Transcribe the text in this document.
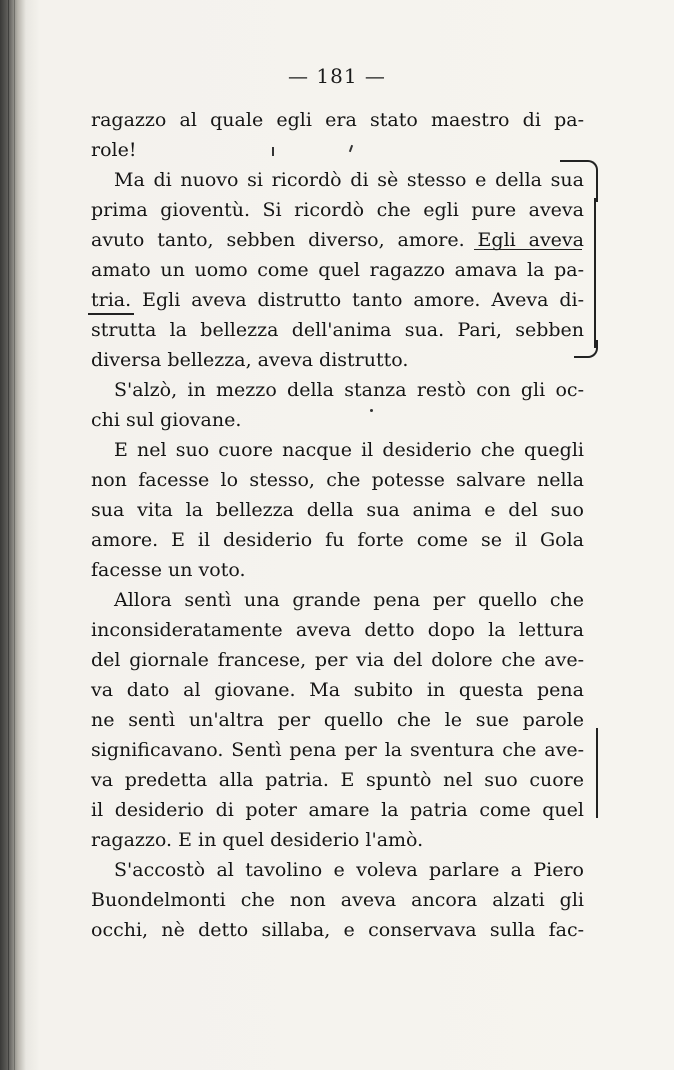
— 181 —
ragazzo al quale egli era stato maestro di pa-
role!
Ma di nuovo si ricordò di sè stesso e della sua
prima gioventù. Si ricordò che egli pure aveva
avuto tanto, sebben diverso, amore. Egli aveva
amato un uomo come quel ragazzo amava la pa-
tria. Egli aveva distrutto tanto amore. Aveva di-
strutta la bellezza dell'anima sua. Pari, sebben
diversa bellezza, aveva distrutto.
S'alzò, in mezzo della stanza restò con gli oc-
chi sul giovane.
E nel suo cuore nacque il desiderio che quegli
non facesse lo stesso, che potesse salvare nella
sua vita la bellezza della sua anima e del suo
amore. E il desiderio fu forte come se il Gola
facesse un voto.
Allora sentì una grande pena per quello che
inconsideratamente aveva detto dopo la lettura
del giornale francese, per via del dolore che ave-
va dato al giovane. Ma subito in questa pena
ne sentì un'altra per quello che le sue parole
significavano. Sentì pena per la sventura che ave-
va predetta alla patria. E spuntò nel suo cuore
il desiderio di poter amare la patria come quel
ragazzo. E in quel desiderio l'amò.
S'accostò al tavolino e voleva parlare a Piero
Buondelmonti che non aveva ancora alzati gli
occhi, nè detto sillaba, e conservava sulla fac-
